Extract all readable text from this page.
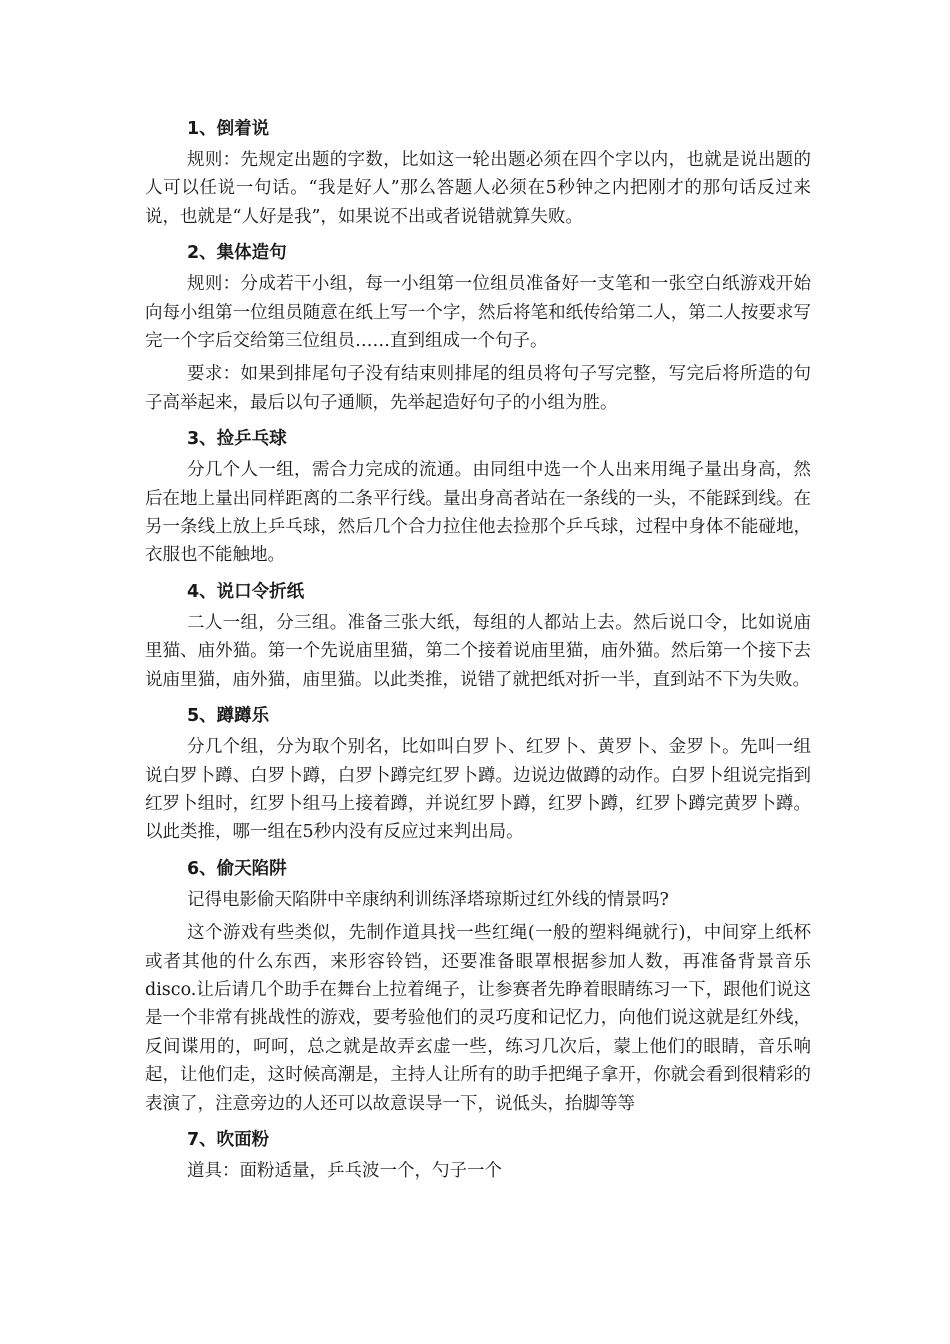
1、倒着说

规则：先规定出题的字数，比如这一轮出题必须在四个字以内，也就是说出题的人可以任说一句话。“我是好人”那么答题人必须在5秒钟之内把刚才的那句话反过来说，也就是“人好是我”，如果说不出或者说错就算失败。

2、集体造句

规则：分成若干小组，每一小组第一位组员准备好一支笔和一张空白纸游戏开始向每小组第一位组员随意在纸上写一个字，然后将笔和纸传给第二人，第二人按要求写完一个字后交给第三位组员……直到组成一个句子。

要求：如果到排尾句子没有结束则排尾的组员将句子写完整，写完后将所造的句子高举起来，最后以句子通顺，先举起造好句子的小组为胜。

3、捡乒乓球

分几个人一组，需合力完成的流通。由同组中选一个人出来用绳子量出身高，然后在地上量出同样距离的二条平行线。量出身高者站在一条线的一头，不能踩到线。在另一条线上放上乒乓球，然后几个合力拉住他去捡那个乒乓球，过程中身体不能碰地，衣服也不能触地。

4、说口令折纸

二人一组，分三组。准备三张大纸，每组的人都站上去。然后说口令，比如说庙里猫、庙外猫。第一个先说庙里猫，第二个接着说庙里猫，庙外猫。然后第一个接下去说庙里猫，庙外猫，庙里猫。以此类推，说错了就把纸对折一半，直到站不下为失败。

5、蹲蹲乐

分几个组，分为取个别名，比如叫白罗卜、红罗卜、黄罗卜、金罗卜。先叫一组说白罗卜蹲、白罗卜蹲，白罗卜蹲完红罗卜蹲。边说边做蹲的动作。白罗卜组说完指到红罗卜组时，红罗卜组马上接着蹲，并说红罗卜蹲，红罗卜蹲，红罗卜蹲完黄罗卜蹲。以此类推，哪一组在5秒内没有反应过来判出局。

6、偷天陷阱

记得电影偷天陷阱中辛康纳利训练泽塔琼斯过红外线的情景吗?

这个游戏有些类似，先制作道具找一些红绳(一般的塑料绳就行)，中间穿上纸杯或者其他的什么东西，来形容铃铛，还要准备眼罩根据参加人数，再准备背景音乐 disco.让后请几个助手在舞台上拉着绳子，让参赛者先睁着眼睛练习一下，跟他们说这是一个非常有挑战性的游戏，要考验他们的灵巧度和记忆力，向他们说这就是红外线，反间谍用的，呵呵，总之就是故弄玄虚一些，练习几次后，蒙上他们的眼睛，音乐响起，让他们走，这时候高潮是，主持人让所有的助手把绳子拿开，你就会看到很精彩的表演了，注意旁边的人还可以故意误导一下，说低头，抬脚等等

7、吹面粉

道具：面粉适量，乒乓波一个，勺子一个
